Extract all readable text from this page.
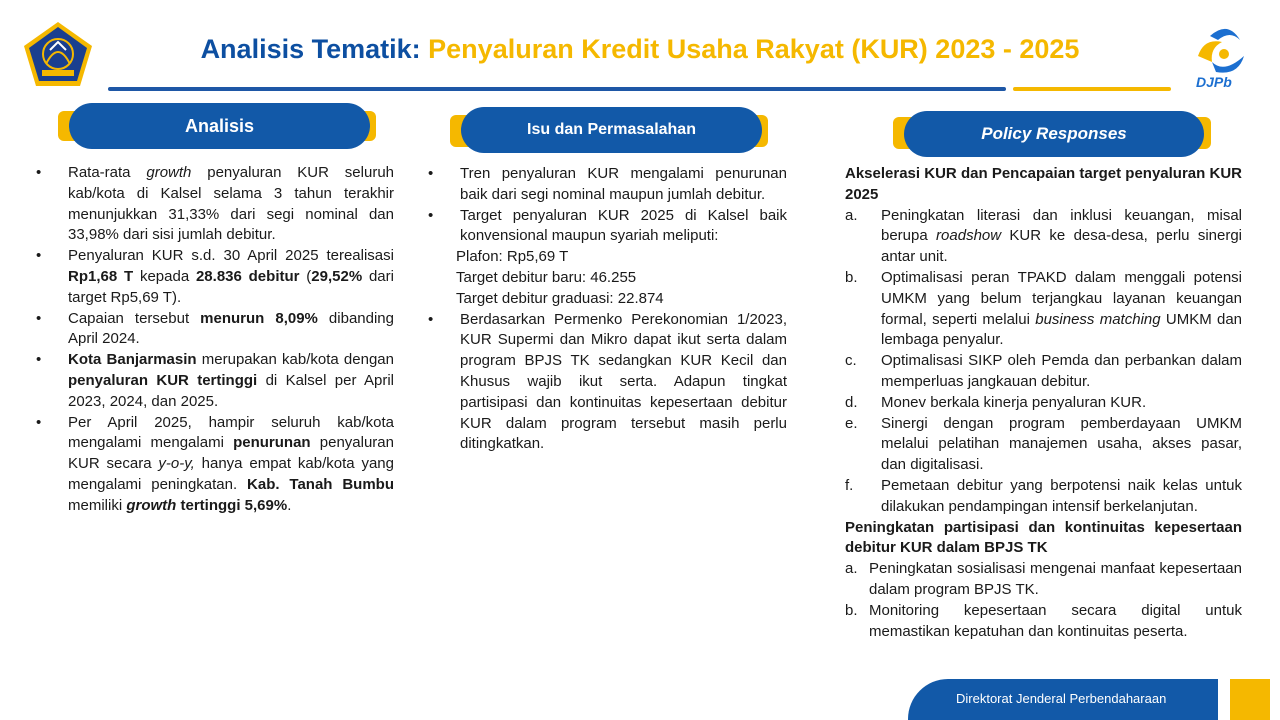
Analisis Tematik: Penyaluran Kredit Usaha Rakyat (KUR) 2023 - 2025
DJPb
Analisis	Isu dan Permasalahan	Policy Responses
• Rata-rata growth penyaluran KUR seluruh kab/kota di Kalsel selama 3 tahun terakhir menunjukkan 31,33% dari segi nominal dan 33,98% dari sisi jumlah debitur.
• Penyaluran KUR s.d. 30 April 2025 terealisasi Rp1,68 T kepada 28.836 debitur (29,52% dari target Rp5,69 T).
• Capaian tersebut menurun 8,09% dibanding April 2024.
• Kota Banjarmasin merupakan kab/kota dengan penyaluran KUR tertinggi di Kalsel per April 2023, 2024, dan 2025.
• Per April 2025, hampir seluruh kab/kota mengalami mengalami penurunan penyaluran KUR secara y-o-y, hanya empat kab/kota yang mengalami peningkatan. Kab. Tanah Bumbu memiliki growth tertinggi 5,69%.
• Tren penyaluran KUR mengalami penurunan baik dari segi nominal maupun jumlah debitur.
• Target penyaluran KUR 2025 di Kalsel baik konvensional maupun syariah meliputi:
Plafon: Rp5,69 T
Target debitur baru: 46.255
Target debitur graduasi: 22.874
• Berdasarkan Permenko Perekonomian 1/2023, KUR Supermi dan Mikro dapat ikut serta dalam program BPJS TK sedangkan KUR Kecil dan Khusus wajib ikut serta. Adapun tingkat partisipasi dan kontinuitas kepesertaan debitur KUR dalam program tersebut masih perlu ditingkatkan.
Akselerasi KUR dan Pencapaian target penyaluran KUR 2025
a. Peningkatan literasi dan inklusi keuangan, misal berupa roadshow KUR ke desa-desa, perlu sinergi antar unit.
b. Optimalisasi peran TPAKD dalam menggali potensi UMKM yang belum terjangkau layanan keuangan formal, seperti melalui business matching UMKM dan lembaga penyalur.
c. Optimalisasi SIKP oleh Pemda dan perbankan dalam memperluas jangkauan debitur.
d. Monev berkala kinerja penyaluran KUR.
e. Sinergi dengan program pemberdayaan UMKM melalui pelatihan manajemen usaha, akses pasar, dan digitalisasi.
f. Pemetaan debitur yang berpotensi naik kelas untuk dilakukan pendampingan intensif berkelanjutan.
Peningkatan partisipasi dan kontinuitas kepesertaan debitur KUR dalam BPJS TK
a. Peningkatan sosialisasi mengenai manfaat kepesertaan dalam program BPJS TK.
b. Monitoring kepesertaan secara digital untuk memastikan kepatuhan dan kontinuitas peserta.
Direktorat Jenderal Perbendaharaan
